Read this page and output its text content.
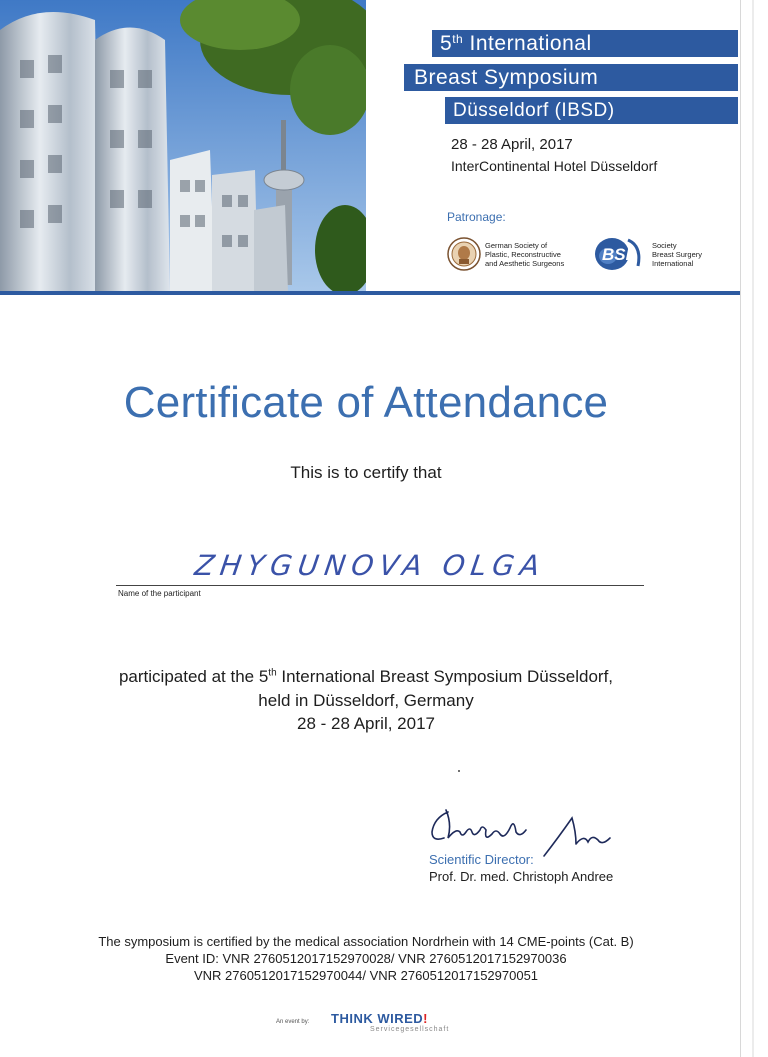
5th International
Breast Symposium
Düsseldorf (IBSD)
28 - 28 April, 2017
InterContinental Hotel Düsseldorf
Patronage:
German Society of
Plastic, Reconstructive
and Aesthetic Surgeons	BSI	Society
Breast Surgery
International
Certificate of Attendance
This is to certify that
ZHYGUNOVA OLGA
Name of the participant
participated at the 5th International Breast Symposium Düsseldorf,
held in Düsseldorf, Germany
28 - 28 April, 2017
Scientific Director:
Prof. Dr. med. Christoph Andree
The symposium is certified by the medical association Nordrhein with 14 CME-points (Cat. B)
Event ID: VNR 2760512017152970028/ VNR 2760512017152970036
VNR 2760512017152970044/ VNR 2760512017152970051
An event by: THINK WIRED!
Servicegesellschaft
